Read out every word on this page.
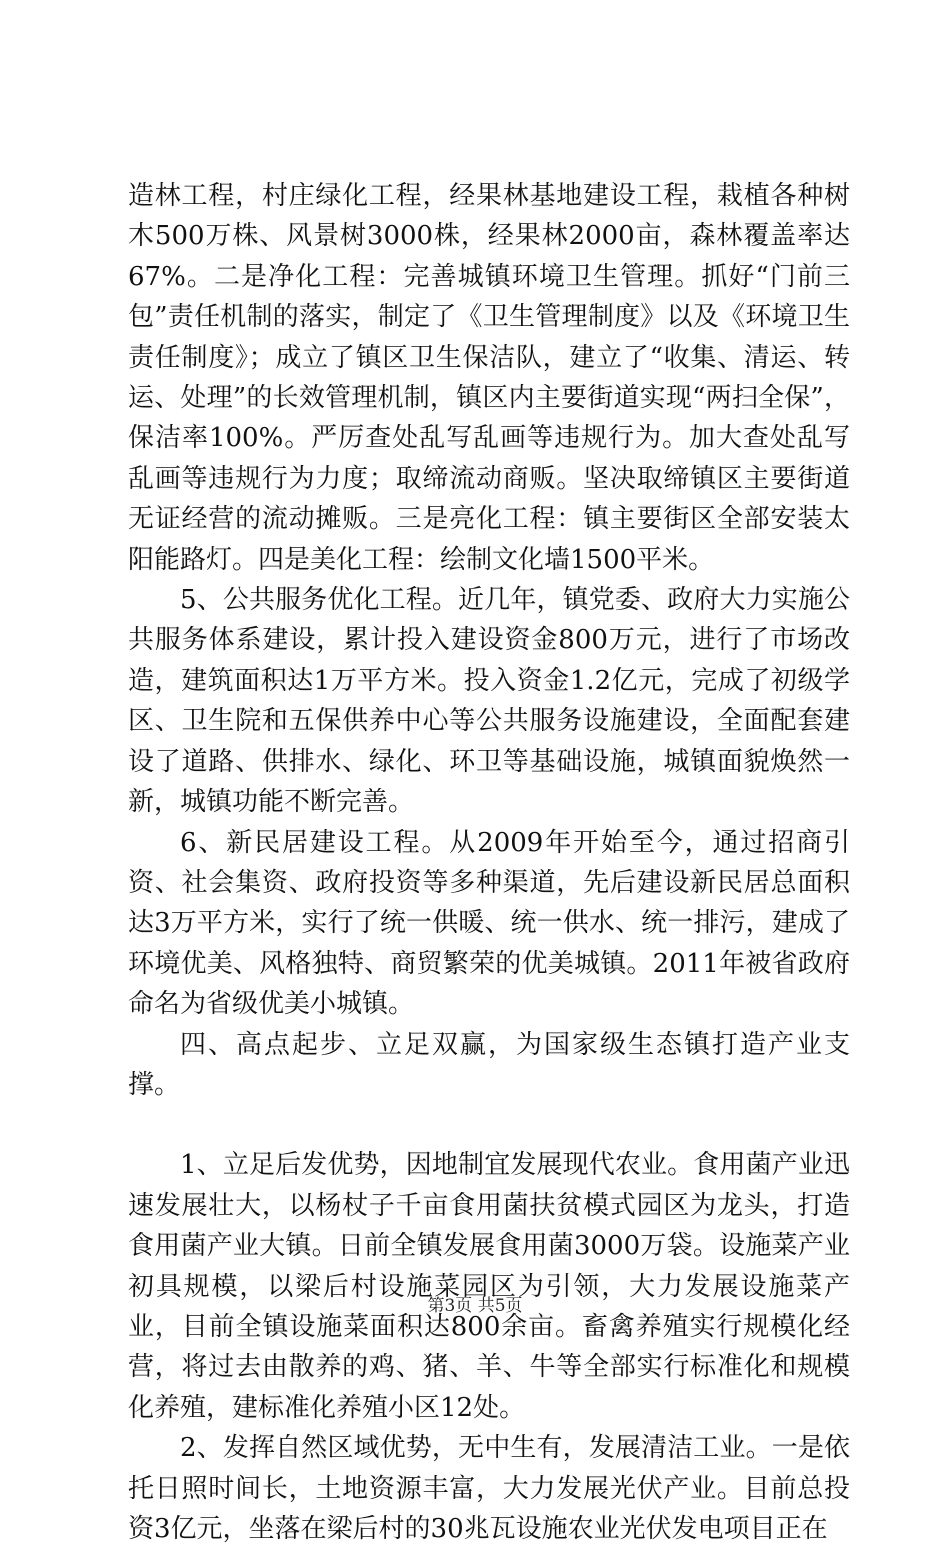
造林工程，村庄绿化工程，经果林基地建设工程，栽植各种树木500万株、风景树3000株，经果林2000亩，森林覆盖率达67%。二是净化工程：完善城镇环境卫生管理。抓好“门前三包”责任机制的落实，制定了《卫生管理制度》以及《环境卫生责任制度》；成立了镇区卫生保洁队，建立了“收集、清运、转运、处理”的长效管理机制，镇区内主要街道实现“两扫全保”，保洁率100%。严厉查处乱写乱画等违规行为。加大查处乱写乱画等违规行为力度；取缔流动商贩。坚决取缔镇区主要街道无证经营的流动摊贩。三是亮化工程：镇主要街区全部安装太阳能路灯。四是美化工程：绘制文化墙1500平米。

5、公共服务优化工程。近几年，镇党委、政府大力实施公共服务体系建设，累计投入建设资金800万元，进行了市场改造，建筑面积达1万平方米。投入资金1.2亿元，完成了初级学区、卫生院和五保供养中心等公共服务设施建设，全面配套建设了道路、供排水、绿化、环卫等基础设施，城镇面貌焕然一新，城镇功能不断完善。

6、新民居建设工程。从2009年开始至今，通过招商引资、社会集资、政府投资等多种渠道，先后建设新民居总面积达3万平方米，实行了统一供暖、统一供水、统一排污，建成了环境优美、风格独特、商贸繁荣的优美城镇。2011年被省政府命名为省级优美小城镇。

四、高点起步、立足双赢，为国家级生态镇打造产业支撑。

1、立足后发优势，因地制宜发展现代农业。食用菌产业迅速发展壮大，以杨杖子千亩食用菌扶贫模式园区为龙头，打造食用菌产业大镇。日前全镇发展食用菌3000万袋。设施菜产业初具规模，以梁后村设施菜园区为引领，大力发展设施菜产业，目前全镇设施菜面积达800余亩。畜禽养殖实行规模化经营，将过去由散养的鸡、猪、羊、牛等全部实行标准化和规模化养殖，建标准化养殖小区12处。

2、发挥自然区域优势，无中生有，发展清洁工业。一是依托日照时间长，土地资源丰富，大力发展光伏产业。目前总投资3亿元，坐落在梁后村的30兆瓦设施农业光伏发电项目正在

第3页 共5页
